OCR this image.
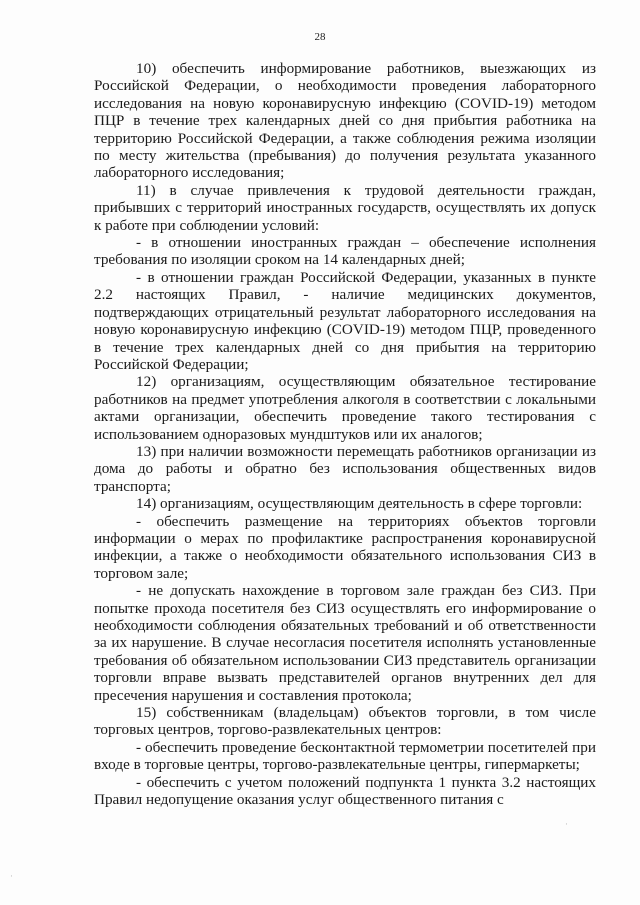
28

10) обеспечить информирование работников, выезжающих из Российской Федерации, о необходимости проведения лабораторного исследования на новую коронавирусную инфекцию (COVID-19) методом ПЦР в течение трех календарных дней со дня прибытия работника на территорию Российской Федерации, а также соблюдения режима изоляции по месту жительства (пребывания) до получения результата указанного лабораторного исследования;

11) в случае привлечения к трудовой деятельности граждан, прибывших с территорий иностранных государств, осуществлять их допуск к работе при соблюдении условий:

- в отношении иностранных граждан – обеспечение исполнения требования по изоляции сроком на 14 календарных дней;

- в отношении граждан Российской Федерации, указанных в пункте 2.2 настоящих Правил, - наличие медицинских документов, подтверждающих отрицательный результат лабораторного исследования на новую коронавирусную инфекцию (COVID-19) методом ПЦР, проведенного в течение трех календарных дней со дня прибытия на территорию Российской Федерации;

12) организациям, осуществляющим обязательное тестирование работников на предмет употребления алкоголя в соответствии с локальными актами организации, обеспечить проведение такого тестирования с использованием одноразовых мундштуков или их аналогов;

13) при наличии возможности перемещать работников организации из дома до работы и обратно без использования общественных видов транспорта;

14) организациям, осуществляющим деятельность в сфере торговли:

- обеспечить размещение на территориях объектов торговли информации о мерах по профилактике распространения коронавирусной инфекции, а также о необходимости обязательного использования СИЗ в торговом зале;

- не допускать нахождение в торговом зале граждан без СИЗ. При попытке прохода посетителя без СИЗ осуществлять его информирование о необходимости соблюдения обязательных требований и об ответственности за их нарушение. В случае несогласия посетителя исполнять установленные требования об обязательном использовании СИЗ представитель организации торговли вправе вызвать представителей органов внутренних дел для пресечения нарушения и составления протокола;

15) собственникам (владельцам) объектов торговли, в том числе торговых центров, торгово-развлекательных центров:

- обеспечить проведение бесконтактной термометрии посетителей при входе в торговые центры, торгово-развлекательные центры, гипермаркеты;

- обеспечить с учетом положений подпункта 1 пункта 3.2 настоящих Правил недопущение оказания услуг общественного питания с

·
·
